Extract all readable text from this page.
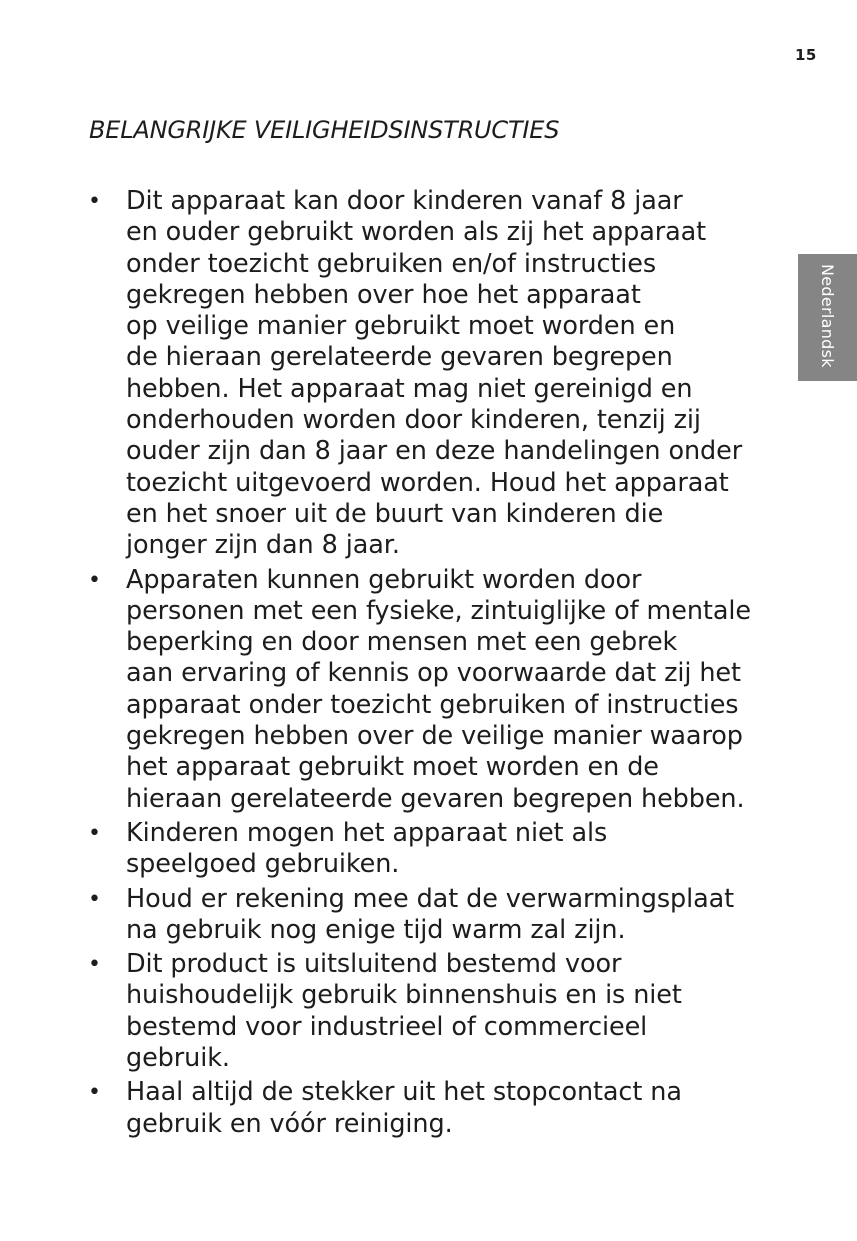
15
BELANGRIJKE VEILIGHEIDSINSTRUCTIES
Nederlandsk
• Dit apparaat kan door kinderen vanaf 8 jaar
en ouder gebruikt worden als zij het apparaat
onder toezicht gebruiken en/of instructies
gekregen hebben over hoe het apparaat
op veilige manier gebruikt moet worden en
de hieraan gerelateerde gevaren begrepen
hebben. Het apparaat mag niet gereinigd en
onderhouden worden door kinderen, tenzij zij
ouder zijn dan 8 jaar en deze handelingen onder
toezicht uitgevoerd worden. Houd het apparaat
en het snoer uit de buurt van kinderen die
jonger zijn dan 8 jaar.
• Apparaten kunnen gebruikt worden door
personen met een fysieke, zintuiglijke of mentale
beperking en door mensen met een gebrek
aan ervaring of kennis op voorwaarde dat zij het
apparaat onder toezicht gebruiken of instructies
gekregen hebben over de veilige manier waarop
het apparaat gebruikt moet worden en de
hieraan gerelateerde gevaren begrepen hebben.
• Kinderen mogen het apparaat niet als
speelgoed gebruiken.
• Houd er rekening mee dat de verwarmingsplaat
na gebruik nog enige tijd warm zal zijn.
• Dit product is uitsluitend bestemd voor
huishoudelijk gebruik binnenshuis en is niet
bestemd voor industrieel of commercieel
gebruik.
• Haal altijd de stekker uit het stopcontact na
gebruik en vóór reiniging.
